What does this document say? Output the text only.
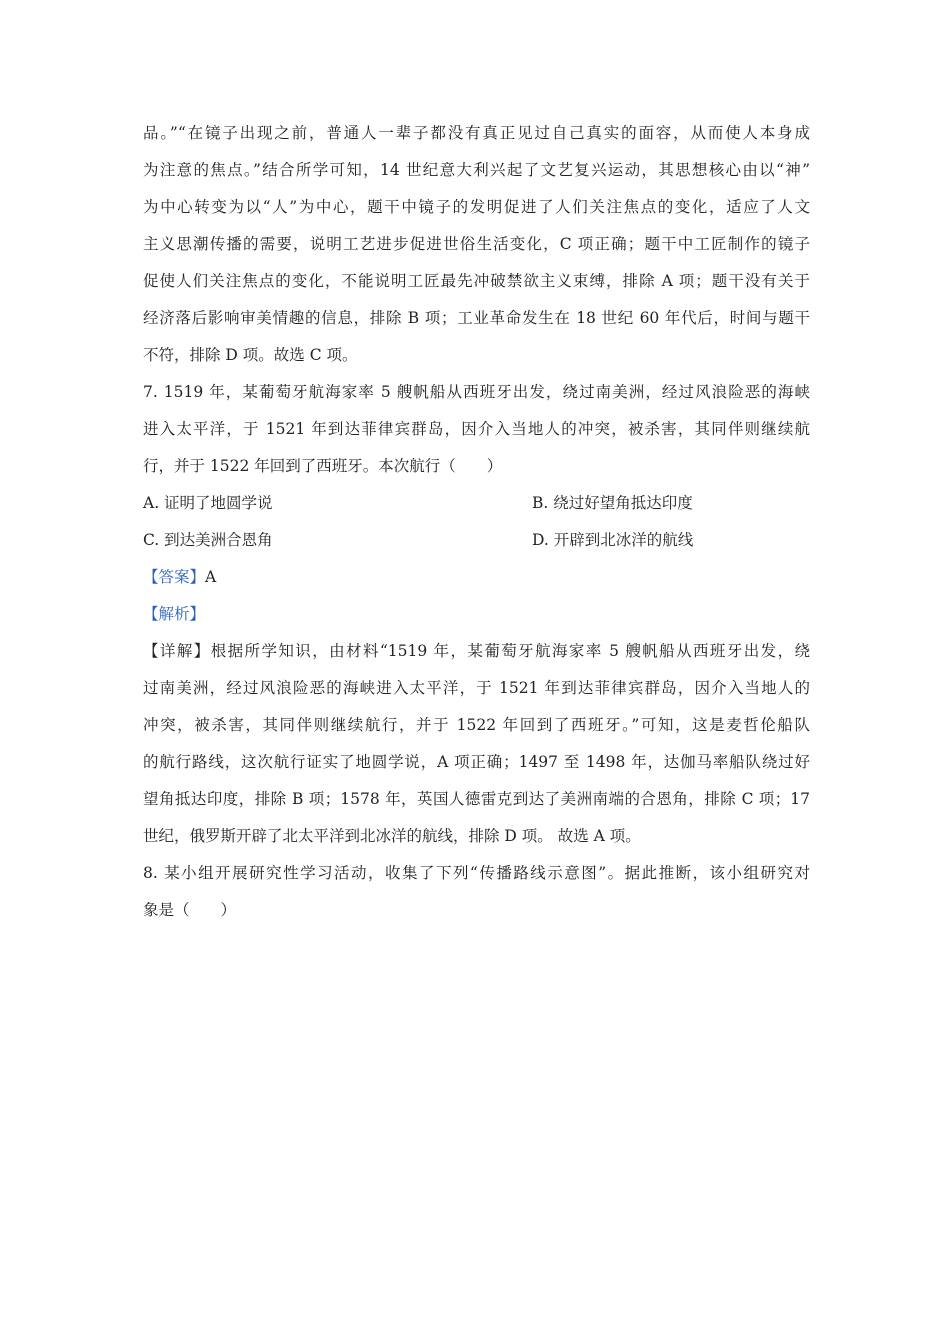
品。”“在镜子出现之前，普通人一辈子都没有真正见过自己真实的面容，从而使人本身成
为注意的焦点。”结合所学可知，14 世纪意大利兴起了文艺复兴运动，其思想核心由以“神”
为中心转变为以“人”为中心，题干中镜子的发明促进了人们关注焦点的变化，适应了人文
主义思潮传播的需要，说明工艺进步促进世俗生活变化，C 项正确；题干中工匠制作的镜子
促使人们关注焦点的变化，不能说明工匠最先冲破禁欲主义束缚，排除 A 项；题干没有关于
经济落后影响审美情趣的信息，排除 B 项；工业革命发生在 18 世纪 60 年代后，时间与题干
不符，排除 D 项。故选 C 项。
7. 1519 年，某葡萄牙航海家率 5 艘帆船从西班牙出发，绕过南美洲，经过风浪险恶的海峡
进入太平洋，于 1521 年到达菲律宾群岛，因介入当地人的冲突，被杀害，其同伴则继续航
行，并于 1522 年回到了西班牙。本次航行（　　）
A. 证明了地圆学说	B. 绕过好望角抵达印度
C. 到达美洲合恩角	D. 开辟到北冰洋的航线
【答案】A
【解析】
【详解】根据所学知识，由材料“1519 年，某葡萄牙航海家率 5 艘帆船从西班牙出发，绕
过南美洲，经过风浪险恶的海峡进入太平洋，于 1521 年到达菲律宾群岛，因介入当地人的
冲突，被杀害，其同伴则继续航行，并于 1522 年回到了西班牙。”可知，这是麦哲伦船队
的航行路线，这次航行证实了地圆学说，A 项正确；1497 至 1498 年，达伽马率船队绕过好
望角抵达印度，排除 B 项；1578 年，英国人德雷克到达了美洲南端的合恩角，排除 C 项；17
世纪，俄罗斯开辟了北太平洋到北冰洋的航线，排除 D 项。 故选 A 项。
8. 某小组开展研究性学习活动，收集了下列“传播路线示意图”。据此推断，该小组研究对
象是（　　）
